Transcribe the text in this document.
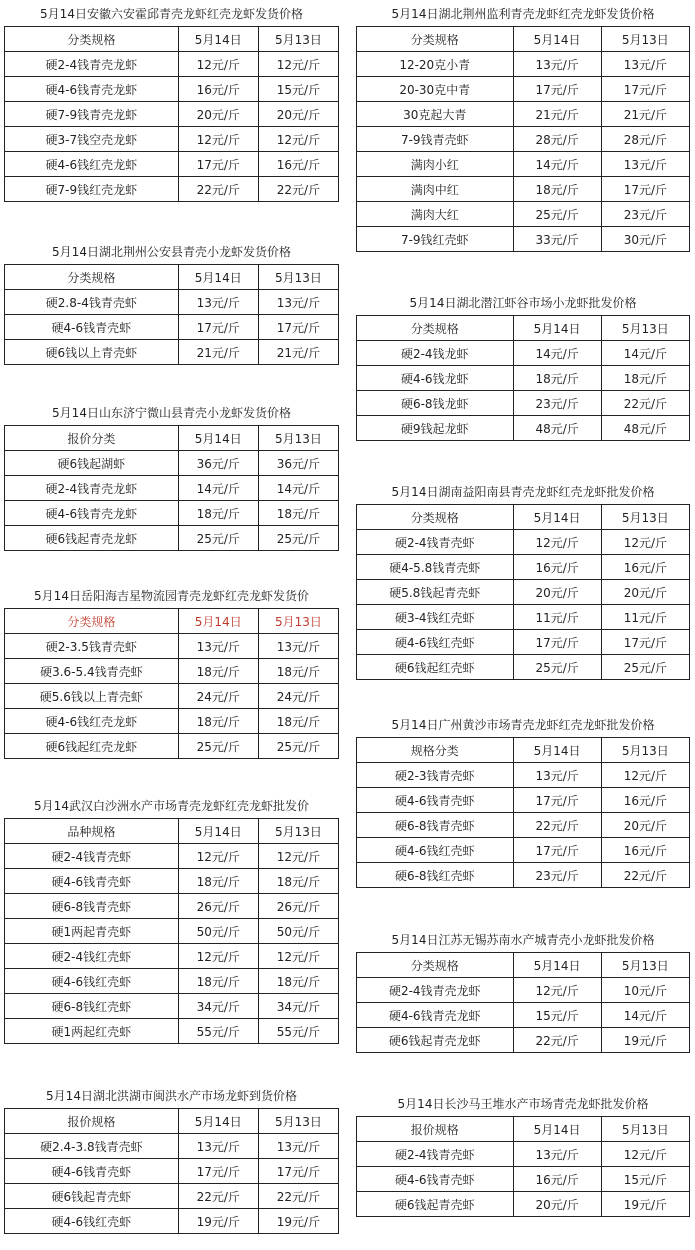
5月14日安徽六安霍邱青壳龙虾红壳龙虾发货价格
分类规格	5月14日	5月13日
硬2-4钱青壳龙虾	12元/斤	12元/斤
硬4-6钱青壳龙虾	16元/斤	15元/斤
硬7-9钱青壳龙虾	20元/斤	20元/斤
硬3-7钱空壳龙虾	12元/斤	12元/斤
硬4-6钱红壳龙虾	17元/斤	16元/斤
硬7-9钱红壳龙虾	22元/斤	22元/斤
5月14日湖北荆州公安县青壳小龙虾发货价格
分类规格	5月14日	5月13日
硬2.8-4钱青壳虾	13元/斤	13元/斤
硬4-6钱青壳虾	17元/斤	17元/斤
硬6钱以上青壳虾	21元/斤	21元/斤
5月14日山东济宁微山县青壳小龙虾发货价格
报价分类	5月14日	5月13日
硬6钱起湖虾	36元/斤	36元/斤
硬2-4钱青壳龙虾	14元/斤	14元/斤
硬4-6钱青壳龙虾	18元/斤	18元/斤
硬6钱起青壳龙虾	25元/斤	25元/斤
5月14日岳阳海吉星物流园青壳龙虾红壳龙虾发货价
分类规格	5月14日	5月13日
硬2-3.5钱青壳虾	13元/斤	13元/斤
硬3.6-5.4钱青壳虾	18元/斤	18元/斤
硬5.6钱以上青壳虾	24元/斤	24元/斤
硬4-6钱红壳龙虾	18元/斤	18元/斤
硬6钱起红壳龙虾	25元/斤	25元/斤
5月14武汉白沙洲水产市场青壳龙虾红壳龙虾批发价
品种规格	5月14日	5月13日
硬2-4钱青壳虾	12元/斤	12元/斤
硬4-6钱青壳虾	18元/斤	18元/斤
硬6-8钱青壳虾	26元/斤	26元/斤
硬1两起青壳虾	50元/斤	50元/斤
硬2-4钱红壳虾	12元/斤	12元/斤
硬4-6钱红壳虾	18元/斤	18元/斤
硬6-8钱红壳虾	34元/斤	34元/斤
硬1两起红壳虾	55元/斤	55元/斤
5月14日湖北洪湖市闽洪水产市场龙虾到货价格
报价规格	5月14日	5月13日
硬2.4-3.8钱青壳虾	13元/斤	13元/斤
硬4-6钱青壳虾	17元/斤	17元/斤
硬6钱起青壳虾	22元/斤	22元/斤
硬4-6钱红壳虾	19元/斤	19元/斤
5月14日湖北荆州监利青壳龙虾红壳龙虾发货价格
分类规格	5月14日	5月13日
12-20克小青	13元/斤	13元/斤
20-30克中青	17元/斤	17元/斤
30克起大青	21元/斤	21元/斤
7-9钱青壳虾	28元/斤	28元/斤
满肉小红	14元/斤	13元/斤
满肉中红	18元/斤	17元/斤
满肉大红	25元/斤	23元/斤
7-9钱红壳虾	33元/斤	30元/斤
5月14日湖北潜江虾谷市场小龙虾批发价格
分类规格	5月14日	5月13日
硬2-4钱龙虾	14元/斤	14元/斤
硬4-6钱龙虾	18元/斤	18元/斤
硬6-8钱龙虾	23元/斤	22元/斤
硬9钱起龙虾	48元/斤	48元/斤
5月14日湖南益阳南县青壳龙虾红壳龙虾批发价格
分类规格	5月14日	5月13日
硬2-4钱青壳虾	12元/斤	12元/斤
硬4-5.8钱青壳虾	16元/斤	16元/斤
硬5.8钱起青壳虾	20元/斤	20元/斤
硬3-4钱红壳虾	11元/斤	11元/斤
硬4-6钱红壳虾	17元/斤	17元/斤
硬6钱起红壳虾	25元/斤	25元/斤
5月14日广州黄沙市场青壳龙虾红壳龙虾批发价格
规格分类	5月14日	5月13日
硬2-3钱青壳虾	13元/斤	12元/斤
硬4-6钱青壳虾	17元/斤	16元/斤
硬6-8钱青壳虾	22元/斤	20元/斤
硬4-6钱红壳虾	17元/斤	16元/斤
硬6-8钱红壳虾	23元/斤	22元/斤
5月14日江苏无锡苏南水产城青壳小龙虾批发价格
分类规格	5月14日	5月13日
硬2-4钱青壳龙虾	12元/斤	10元/斤
硬4-6钱青壳龙虾	15元/斤	14元/斤
硬6钱起青壳龙虾	22元/斤	19元/斤
5月14日长沙马王堆水产市场青壳龙虾批发价格
报价规格	5月14日	5月13日
硬2-4钱青壳虾	13元/斤	12元/斤
硬4-6钱青壳虾	16元/斤	15元/斤
硬6钱起青壳虾	20元/斤	19元/斤
